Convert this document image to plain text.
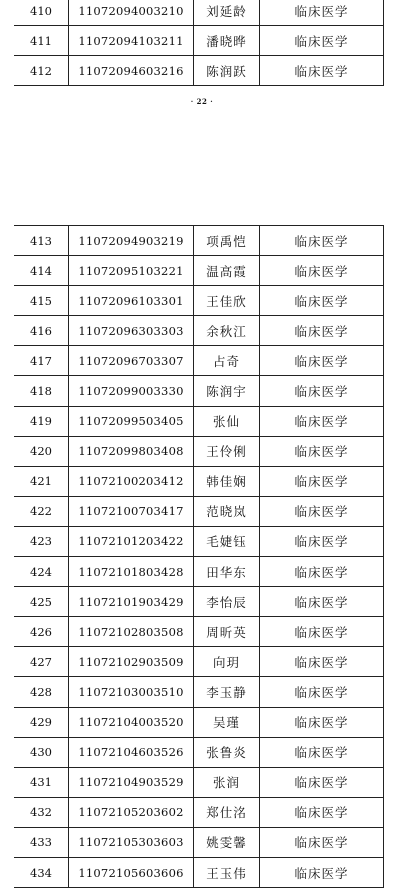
410	11072094003210	刘延龄	临床医学
411	11072094103211	潘晓晔	临床医学
412	11072094603216	陈润跃	临床医学
· 22 ·
413	11072094903219	项禹恺	临床医学
414	11072095103221	温高霞	临床医学
415	11072096103301	王佳欣	临床医学
416	11072096303303	余秋江	临床医学
417	11072096703307	占奇	临床医学
418	11072099003330	陈润宇	临床医学
419	11072099503405	张仙	临床医学
420	11072099803408	王伶俐	临床医学
421	11072100203412	韩佳娴	临床医学
422	11072100703417	范晓岚	临床医学
423	11072101203422	毛婕钰	临床医学
424	11072101803428	田华东	临床医学
425	11072101903429	李怡辰	临床医学
426	11072102803508	周昕英	临床医学
427	11072102903509	向玥	临床医学
428	11072103003510	李玉静	临床医学
429	11072104003520	吴瑾	临床医学
430	11072104603526	张鲁炎	临床医学
431	11072104903529	张润	临床医学
432	11072105203602	郑仕洺	临床医学
433	11072105303603	姚雯馨	临床医学
434	11072105603606	王玉伟	临床医学
